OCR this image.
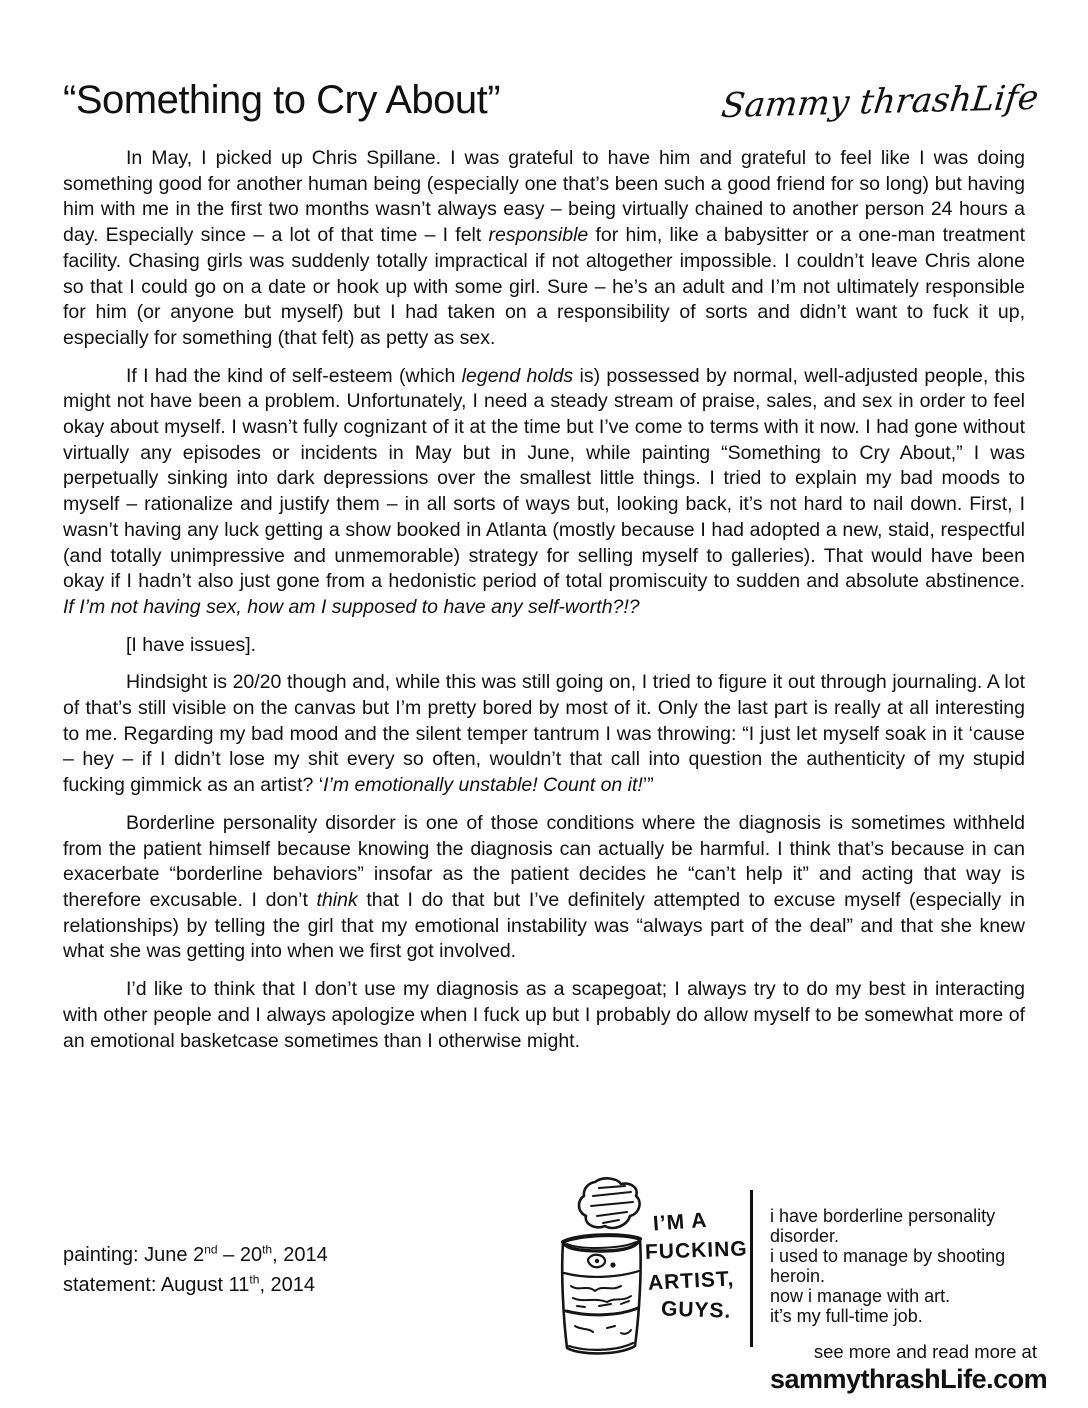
“Something to Cry About”	Sammy thrashLife

In May, I picked up Chris Spillane. I was grateful to have him and grateful to feel like I was doing something good for another human being (especially one that’s been such a good friend for so long) but having him with me in the first two months wasn’t always easy – being virtually chained to another person 24 hours a day. Especially since – a lot of that time – I felt responsible for him, like a babysitter or a one-man treatment facility. Chasing girls was suddenly totally impractical if not altogether impossible. I couldn’t leave Chris alone so that I could go on a date or hook up with some girl. Sure – he’s an adult and I’m not ultimately responsible for him (or anyone but myself) but I had taken on a responsibility of sorts and didn’t want to fuck it up, especially for something (that felt) as petty as sex.

If I had the kind of self-esteem (which legend holds is) possessed by normal, well-adjusted people, this might not have been a problem. Unfortunately, I need a steady stream of praise, sales, and sex in order to feel okay about myself. I wasn’t fully cognizant of it at the time but I’ve come to terms with it now. I had gone without virtually any episodes or incidents in May but in June, while painting “Something to Cry About,” I was perpetually sinking into dark depressions over the smallest little things. I tried to explain my bad moods to myself – rationalize and justify them – in all sorts of ways but, looking back, it’s not hard to nail down. First, I wasn’t having any luck getting a show booked in Atlanta (mostly because I had adopted a new, staid, respectful (and totally unimpressive and unmemorable) strategy for selling myself to galleries). That would have been okay if I hadn’t also just gone from a hedonistic period of total promiscuity to sudden and absolute abstinence. If I’m not having sex, how am I supposed to have any self-worth?!?

[I have issues].

Hindsight is 20/20 though and, while this was still going on, I tried to figure it out through journaling. A lot of that’s still visible on the canvas but I’m pretty bored by most of it. Only the last part is really at all interesting to me. Regarding my bad mood and the silent temper tantrum I was throwing: “I just let myself soak in it ‘cause – hey – if I didn’t lose my shit every so often, wouldn’t that call into question the authenticity of my stupid fucking gimmick as an artist? ‘I’m emotionally unstable! Count on it!’”

Borderline personality disorder is one of those conditions where the diagnosis is sometimes withheld from the patient himself because knowing the diagnosis can actually be harmful. I think that’s because in can exacerbate “borderline behaviors” insofar as the patient decides he “can’t help it” and acting that way is therefore excusable. I don’t think that I do that but I’ve definitely attempted to excuse myself (especially in relationships) by telling the girl that my emotional instability was “always part of the deal” and that she knew what she was getting into when we first got involved.

I’d like to think that I don’t use my diagnosis as a scapegoat; I always try to do my best in interacting with other people and I always apologize when I fuck up but I probably do allow myself to be somewhat more of an emotional basketcase sometimes than I otherwise might.

painting: June 2nd – 20th, 2014
statement: August 11th, 2014
I’M A
FUCKING
ARTIST,
GUYS.
i have borderline personality disorder.
i used to manage by shooting heroin.
now i manage with art.
it’s my full-time job.
see more and read more at
sammythrashLife.com
